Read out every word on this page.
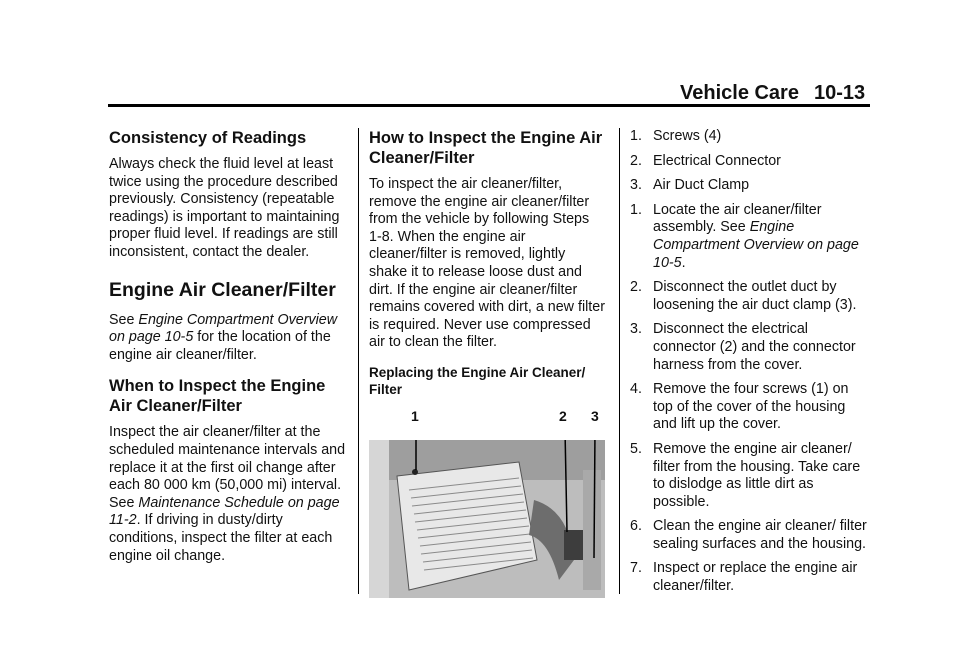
Vehicle Care 10-13
Consistency of Readings

Always check the fluid level at least twice using the procedure described previously. Consistency (repeatable readings) is important to maintaining proper fluid level. If readings are still inconsistent, contact the dealer.

Engine Air Cleaner/Filter

See Engine Compartment Overview on page 10-5 for the location of the engine air cleaner/filter.

When to Inspect the Engine Air Cleaner/Filter

Inspect the air cleaner/filter at the scheduled maintenance intervals and replace it at the first oil change after each 80 000 km (50,000 mi) interval. See Maintenance Schedule on page 11-2. If driving in dusty/dirty conditions, inspect the filter at each engine oil change.

How to Inspect the Engine Air Cleaner/Filter

To inspect the air cleaner/filter, remove the engine air cleaner/filter from the vehicle by following Steps 1-8. When the engine air cleaner/filter is removed, lightly shake it to release loose dust and dirt. If the engine air cleaner/filter remains covered with dirt, a new filter is required. Never use compressed air to clean the filter.

Replacing the Engine Air Cleaner/ Filter

1	2 3
1. Screws (4)
2. Electrical Connector
3. Air Duct Clamp
1. Locate the air cleaner/filter assembly. See Engine Compartment Overview on page 10-5.
2. Disconnect the outlet duct by loosening the air duct clamp (3).
3. Disconnect the electrical connector (2) and the connector harness from the cover.
4. Remove the four screws (1) on top of the cover of the housing and lift up the cover.
5. Remove the engine air cleaner/ filter from the housing. Take care to dislodge as little dirt as possible.
6. Clean the engine air cleaner/ filter sealing surfaces and the housing.
7. Inspect or replace the engine air cleaner/filter.
